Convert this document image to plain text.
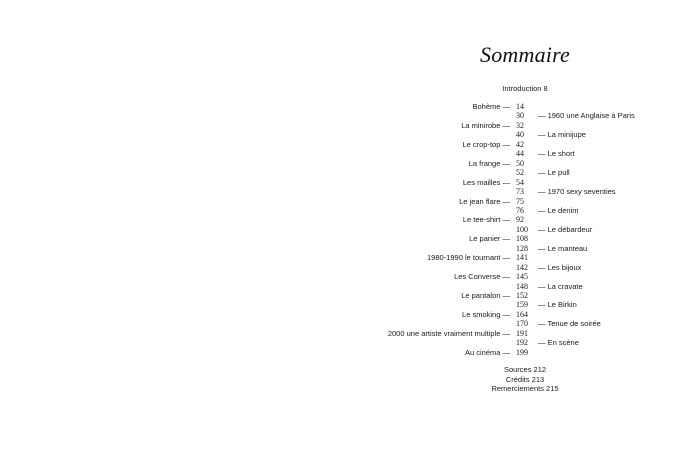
Sommaire
Introduction 8
Bohème — 14
30	— 1960 une Anglaise à Paris
La minirobe — 32
40	— La minijupe
Le crop-top — 42
44	— Le short
La frange — 50
52	— Le pull
Les mailles — 54
73	— 1970 sexy seventies
Le jean flare — 75
76	— Le denim
Le tee-shirt — 92
100	— Le débardeur
Le panier — 108
128	— Le manteau
1980-1990 le tournant — 141
142	— Les bijoux
Les Converse — 145
148	— La cravate
Le pantalon — 152
159	— Le Birkin
Le smoking — 164
170	— Tenue de soirée
2000 une artiste vraiment multiple — 191
192	— En scène
Au cinéma — 199
Sources 212
Crédits 213
Remerciements 215
